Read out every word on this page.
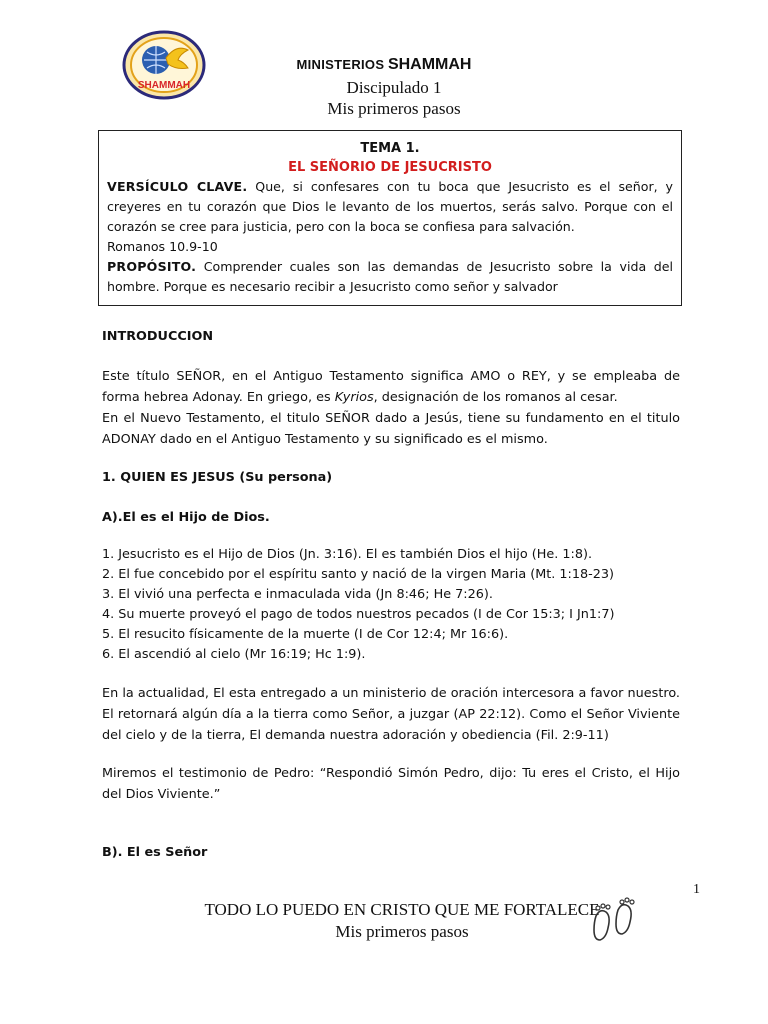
SHAMMAH
MINISTERIOS SHAMMAH
Discipulado 1
Mis primeros pasos
TEMA 1.
EL SEÑORIO DE JESUCRISTO

VERSÍCULO CLAVE. Que, si confesares con tu boca que Jesucristo es el señor, y creyeres en tu corazón que Dios le levanto de los muertos, serás salvo. Porque con el corazón se cree para justicia, pero con la boca se confiesa para salvación.

Romanos 10.9-10

PROPÓSITO. Comprender cuales son las demandas de Jesucristo sobre la vida del hombre. Porque es necesario recibir a Jesucristo como señor y salvador

INTRODUCCION

Este título SEÑOR, en el Antiguo Testamento significa AMO o REY, y se empleaba de forma hebrea Adonay. En griego, es Kyrios, designación de los romanos al cesar.

En el Nuevo Testamento, el titulo SEÑOR dado a Jesús, tiene su fundamento en el titulo ADONAY dado en el Antiguo Testamento y su significado es el mismo.

1. QUIEN ES JESUS (Su persona)

A).El es el Hijo de Dios.

1. Jesucristo es el Hijo de Dios (Jn. 3:16). El es también Dios el hijo (He. 1:8).
2. El fue concebido por el espíritu santo y nació de la virgen Maria (Mt. 1:18-23)
3. El vivió una perfecta e inmaculada vida (Jn 8:46; He 7:26).
4. Su muerte proveyó el pago de todos nuestros pecados (I de Cor 15:3; I Jn1:7)
5. El resucito físicamente de la muerte (I de Cor 12:4; Mr 16:6).
6. El ascendió al cielo (Mr 16:19; Hc 1:9).

En la actualidad, El esta entregado a un ministerio de oración intercesora a favor nuestro. El retornará algún día a la tierra como Señor, a juzgar (AP 22:12). Como el Señor Viviente del cielo y de la tierra, El demanda nuestra adoración y obediencia (Fil. 2:9-11)

Miremos el testimonio de Pedro: “Respondió Simón Pedro, dijo: Tu eres el Cristo, el Hijo del Dios Viviente.”

B). El es Señor

1
TODO LO PUEDO EN CRISTO QUE ME FORTALECE
Mis primeros pasos
